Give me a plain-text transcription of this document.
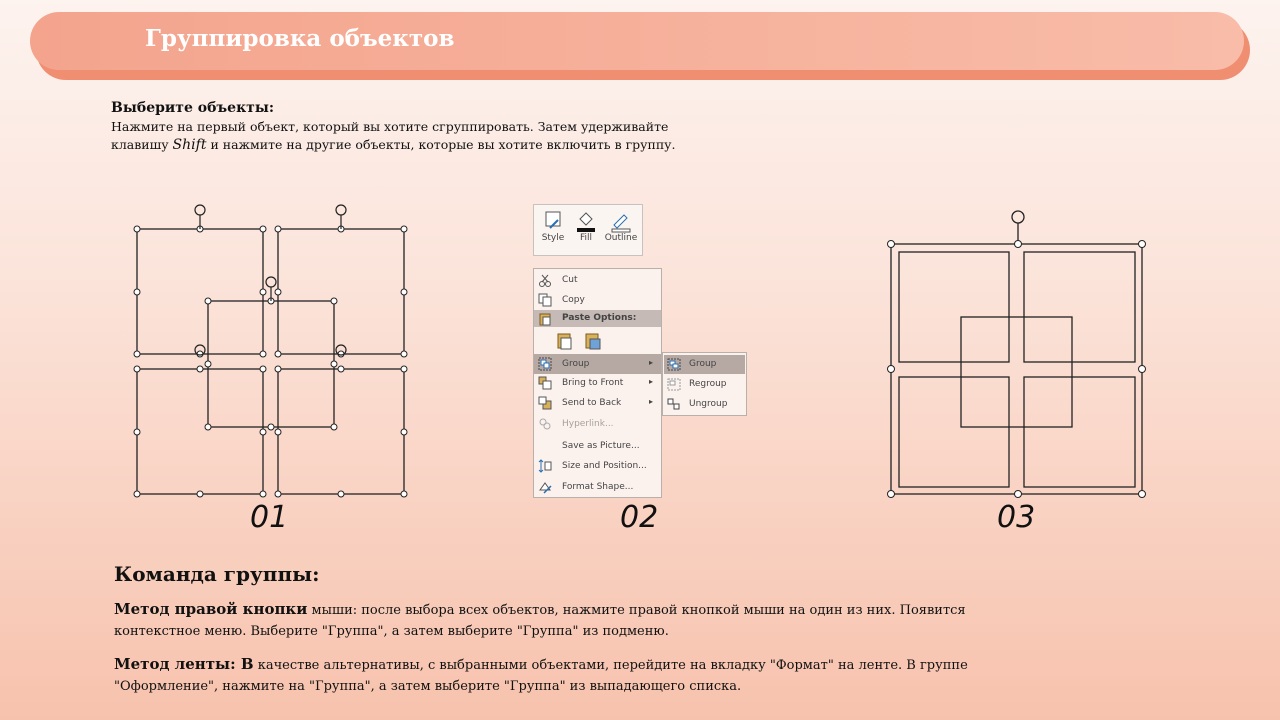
Группировка объектов
Выберите объекты:

Нажмите на первый объект, который вы хотите сгруппировать. Затем удерживайте
клавишу Shift и нажмите на другие объекты, которые вы хотите включить в группу.

01
Style	Fill	Outline
Cut
Copy
Paste Options:
Group	▸
Bring to Front	▸
Send to Back	▸
Hyperlink...
Save as Picture...
Size and Position...
Format Shape...
Group
Regroup
Ungroup
02	03
Команда группы:
Метод правой кнопки мыши: после выбора всех объектов, нажмите правой кнопкой мыши на один из них. Появится
контекстное меню. Выберите "Группа", а затем выберите "Группа" из подменю.
Метод ленты: В качестве альтернативы, с выбранными объектами, перейдите на вкладку "Формат" на ленте. В группе
"Оформление", нажмите на "Группа", а затем выберите "Группа" из выпадающего списка.
